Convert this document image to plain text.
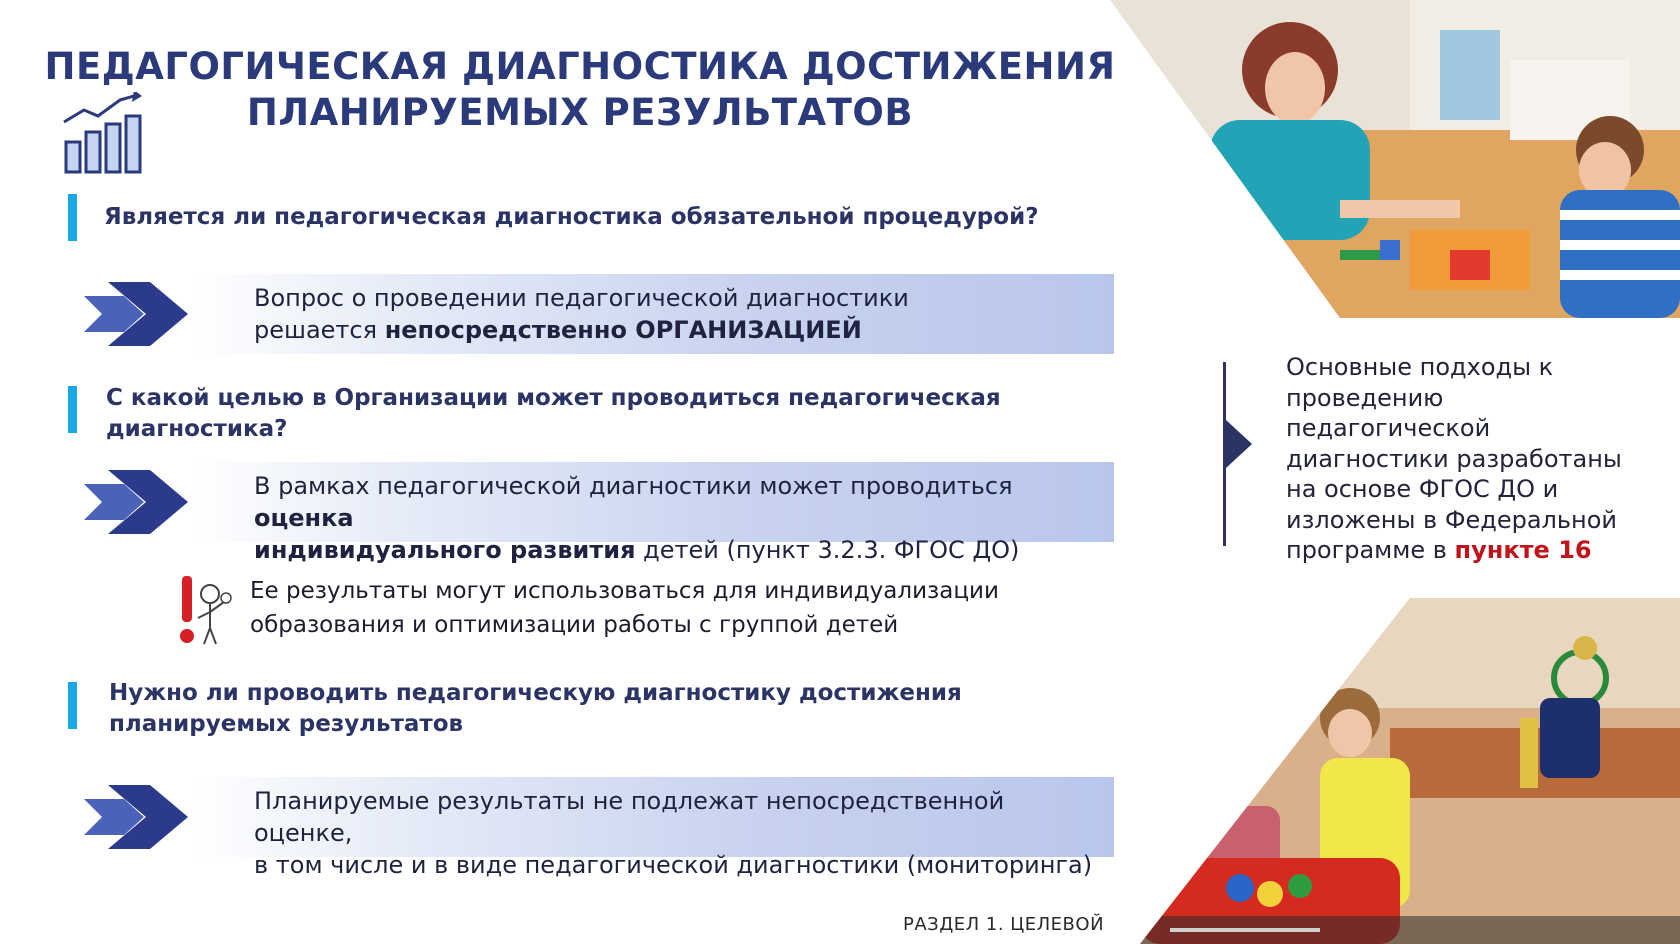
ПЕДАГОГИЧЕСКАЯ ДИАГНОСТИКА ДОСТИЖЕНИЯ
ПЛАНИРУЕМЫХ РЕЗУЛЬТАТОВ
Является ли педагогическая диагностика обязательной процедурой?
Вопрос о проведении педагогической диагностики
решается непосредственно ОРГАНИЗАЦИЕЙ
С какой целью в Организации может проводиться педагогическая
диагностика?
В рамках педагогической диагностики может проводиться оценка
индивидуального развития детей (пункт 3.2.3. ФГОС ДО)
Ее результаты могут использоваться для индивидуализации
образования и оптимизации работы с группой детей
Нужно ли проводить педагогическую диагностику достижения
планируемых результатов
Планируемые результаты не подлежат непосредственной оценке,
в том числе и в виде педагогической диагностики (мониторинга)
Основные подходы к
проведению
педагогической
диагностики разработаны
на основе ФГОС ДО и
изложены в Федеральной
программе в пункте 16
РАЗДЕЛ 1. ЦЕЛЕВОЙ
